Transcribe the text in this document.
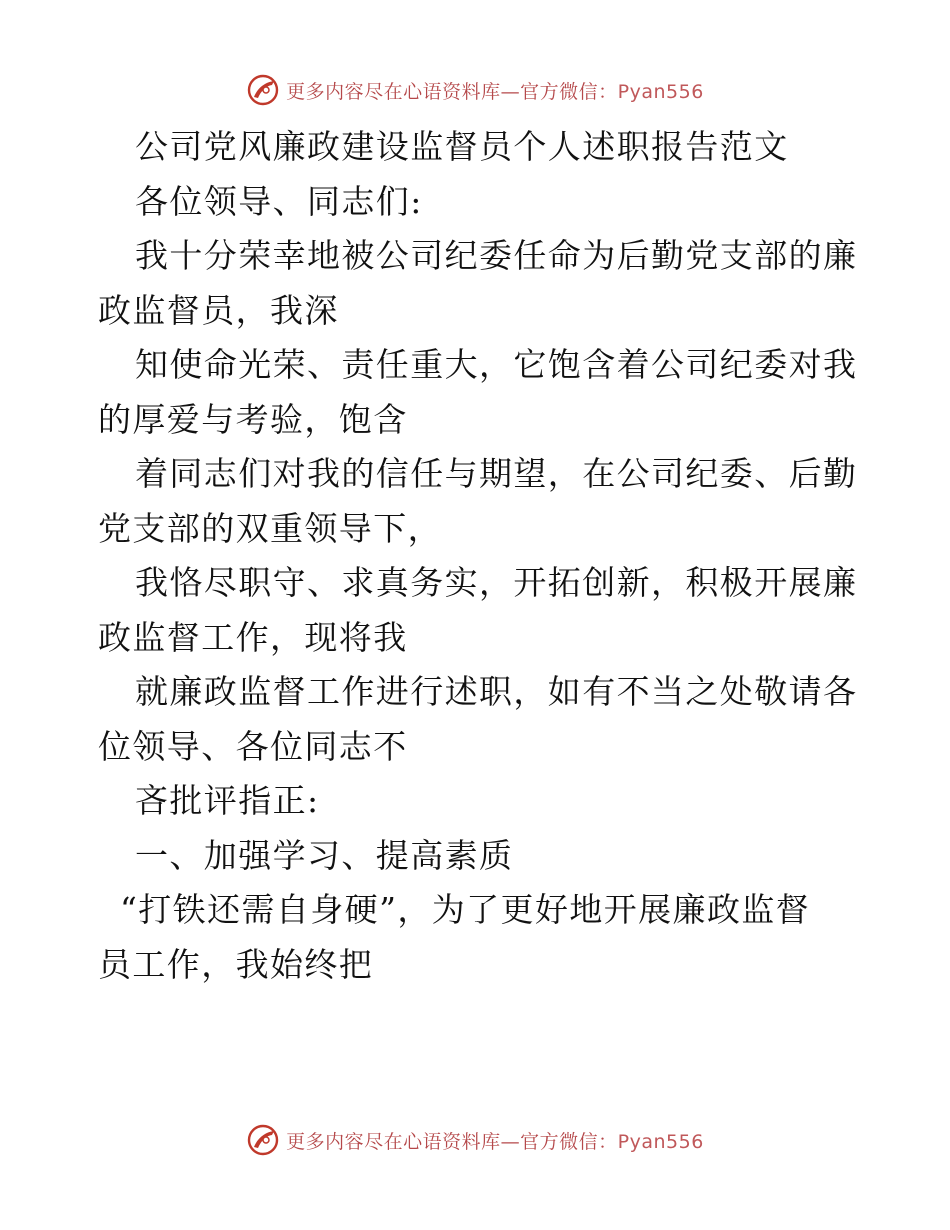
更多内容尽在心语资料库—官方微信：Pyan556
公司党风廉政建设监督员个人述职报告范文
各位领导、同志们:
我十分荣幸地被公司纪委任命为后勤党支部的廉
政监督员，我深
知使命光荣、责任重大，它饱含着公司纪委对我
的厚爱与考验，饱含
着同志们对我的信任与期望，在公司纪委、后勤
党支部的双重领导下，
我恪尽职守、求真务实，开拓创新，积极开展廉
政监督工作，现将我
就廉政监督工作进行述职，如有不当之处敬请各
位领导、各位同志不
吝批评指正:
一、加强学习、提高素质
“打铁还需自身硬”，为了更好地开展廉政监督
员工作，我始终把
更多内容尽在心语资料库—官方微信：Pyan556
